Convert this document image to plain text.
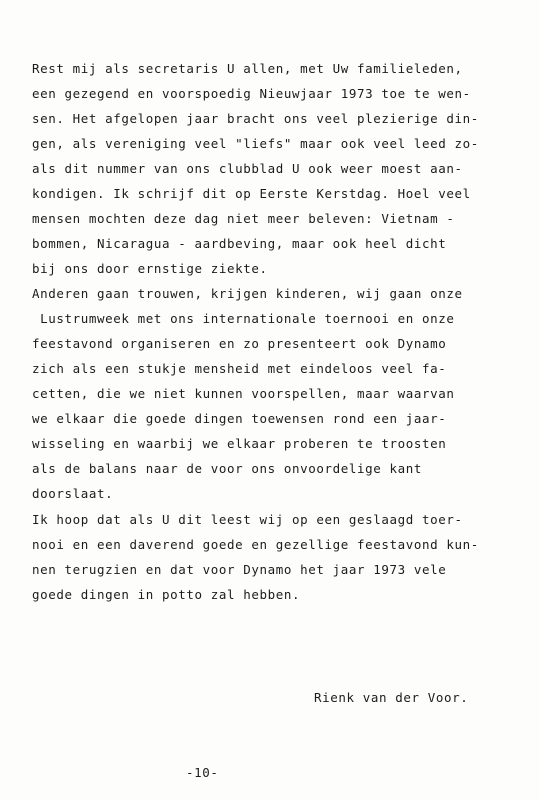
Rest mij als secretaris U allen, met Uw familieleden,
een gezegend en voorspoedig Nieuwjaar 1973 toe te wen-
sen. Het afgelopen jaar bracht ons veel plezierige din-
gen, als vereniging veel "liefs" maar ook veel leed zo-
als dit nummer van ons clubblad U ook weer moest aan-
kondigen. Ik schrijf dit op Eerste Kerstdag. Hoel veel
mensen mochten deze dag niet meer beleven: Vietnam -
bommen, Nicaragua - aardbeving, maar ook heel dicht
bij ons door ernstige ziekte.
Anderen gaan trouwen, krijgen kinderen, wij gaan onze
Lustrumweek met ons internationale toernooi en onze
feestavond organiseren en zo presenteert ook Dynamo
zich als een stukje mensheid met eindeloos veel fa-
cetten, die we niet kunnen voorspellen, maar waarvan
we elkaar die goede dingen toewensen rond een jaar-
wisseling en waarbij we elkaar proberen te troosten
als de balans naar de voor ons onvoordelige kant
doorslaat.
Ik hoop dat als U dit leest wij op een geslaagd toer-
nooi en een daverend goede en gezellige feestavond kun-
nen terugzien en dat voor Dynamo het jaar 1973 vele
goede dingen in potto zal hebben.
Rienk van der Voor.
-10-
